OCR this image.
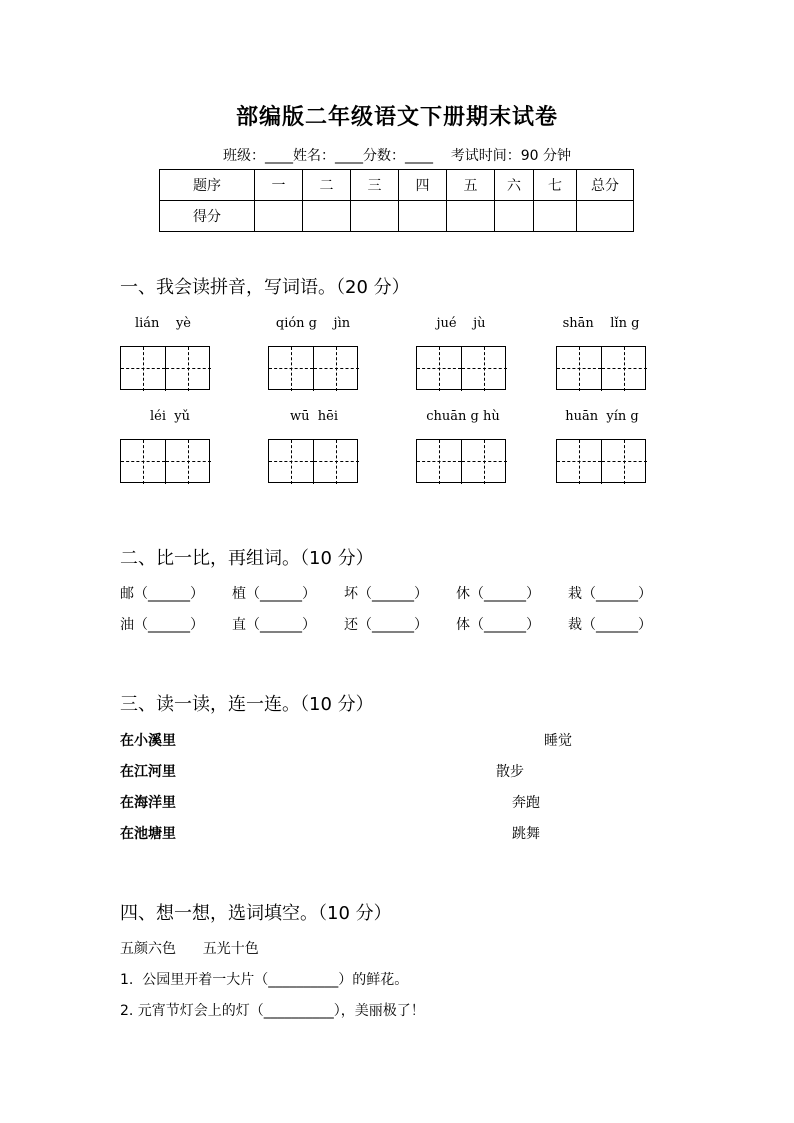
部编版二年级语文下册期末试卷
班级：____姓名：____分数：____    考试时间：90 分钟
题序	一	二	三	四	五	六	七	总分
得分								
一、我会读拼音，写词语。（20 分）
lián    yè	qión g    jìn	jué    jù	shān    lǐn g
léi  yǔ	wū  hēi	chuān g hù	huān  yín g
二、比一比，再组词。（10 分）
邮（______） 植（______） 坏（______） 休（______） 栽（______）
油（______） 直（______） 还（______） 体（______） 裁（______）
三、读一读，连一连。（10 分）
在小溪里
在江河里
在海洋里
在池塘里
睡觉
散步
奔跑
跳舞
四、想一想，选词填空。（10 分）
五颜六色      五光十色
1.  公园里开着一大片（__________）的鲜花。
2. 元宵节灯会上的灯（__________），美丽极了！
